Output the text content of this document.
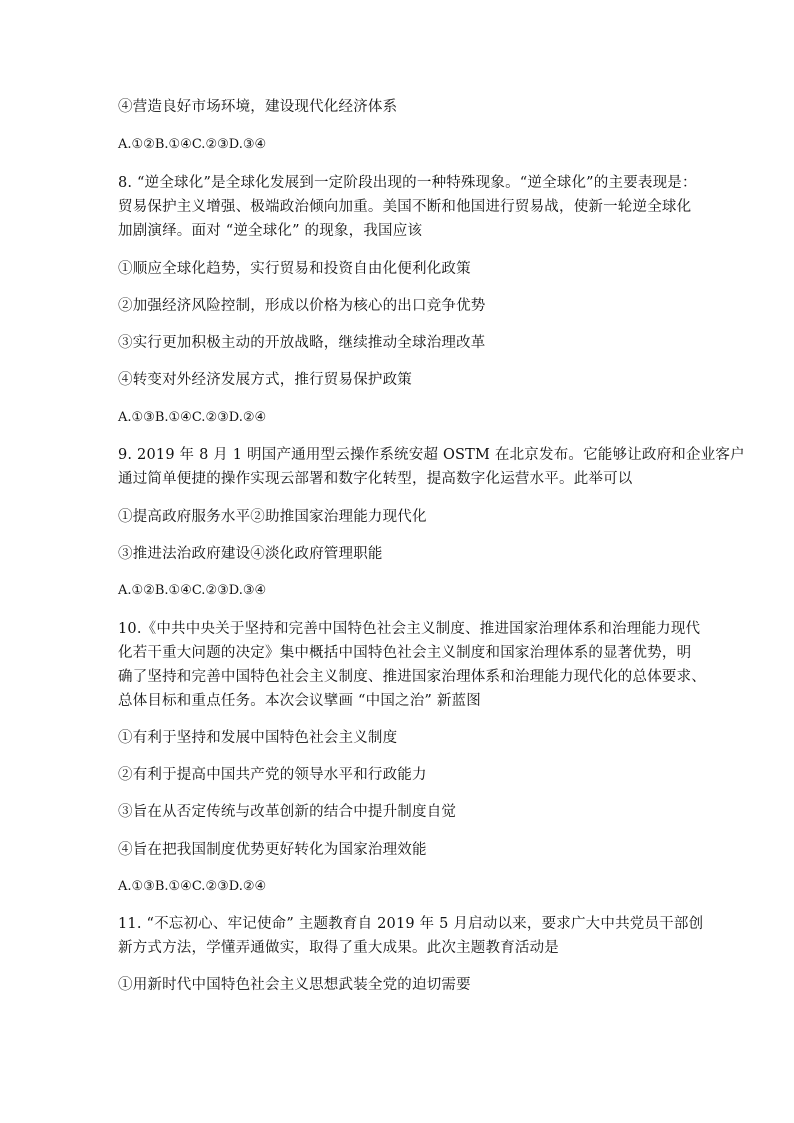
④营造良好市场环境，建设现代化经济体系
A.①②B.①④C.②③D.③④
8. “逆全球化”是全球化发展到一定阶段出现的一种特殊现象。“逆全球化”的主要表现是：
贸易保护主义增强、极端政治倾向加重。美国不断和他国进行贸易战，使新一轮逆全球化
加剧演绎。面对 “逆全球化” 的现象，我国应该
①顺应全球化趋势，实行贸易和投资自由化便利化政策
②加强经济风险控制，形成以价格为核心的出口竞争优势
③实行更加积极主动的开放战略，继续推动全球治理改革
④转变对外经济发展方式，推行贸易保护政策
A.①③B.①④C.②③D.②④
9. 2019 年 8 月 1 明国产通用型云操作系统安超 OSTM 在北京发布。它能够让政府和企业客户
通过简单便捷的操作实现云部署和数字化转型，提高数字化运营水平。此举可以
①提高政府服务水平②助推国家治理能力现代化
③推进法治政府建设④淡化政府管理职能
A.①②B.①④C.②③D.③④
10.《中共中央关于坚持和完善中国特色社会主义制度、推进国家治理体系和治理能力现代
化若干重大问题的决定》集中概括中国特色社会主义制度和国家治理体系的显著优势，明
确了坚持和完善中国特色社会主义制度、推进国家治理体系和治理能力现代化的总体要求、
总体目标和重点任务。本次会议擘画 “中国之治” 新蓝图
①有利于坚持和发展中国特色社会主义制度
②有利于提高中国共产党的领导水平和行政能力
③旨在从否定传统与改革创新的结合中提升制度自觉
④旨在把我国制度优势更好转化为国家治理效能
A.①③B.①④C.②③D.②④
11. “不忘初心、牢记使命” 主题教育自 2019 年 5 月启动以来，要求广大中共党员干部创
新方式方法，学懂弄通做实，取得了重大成果。此次主题教育活动是
①用新时代中国特色社会主义思想武装全党的迫切需要
